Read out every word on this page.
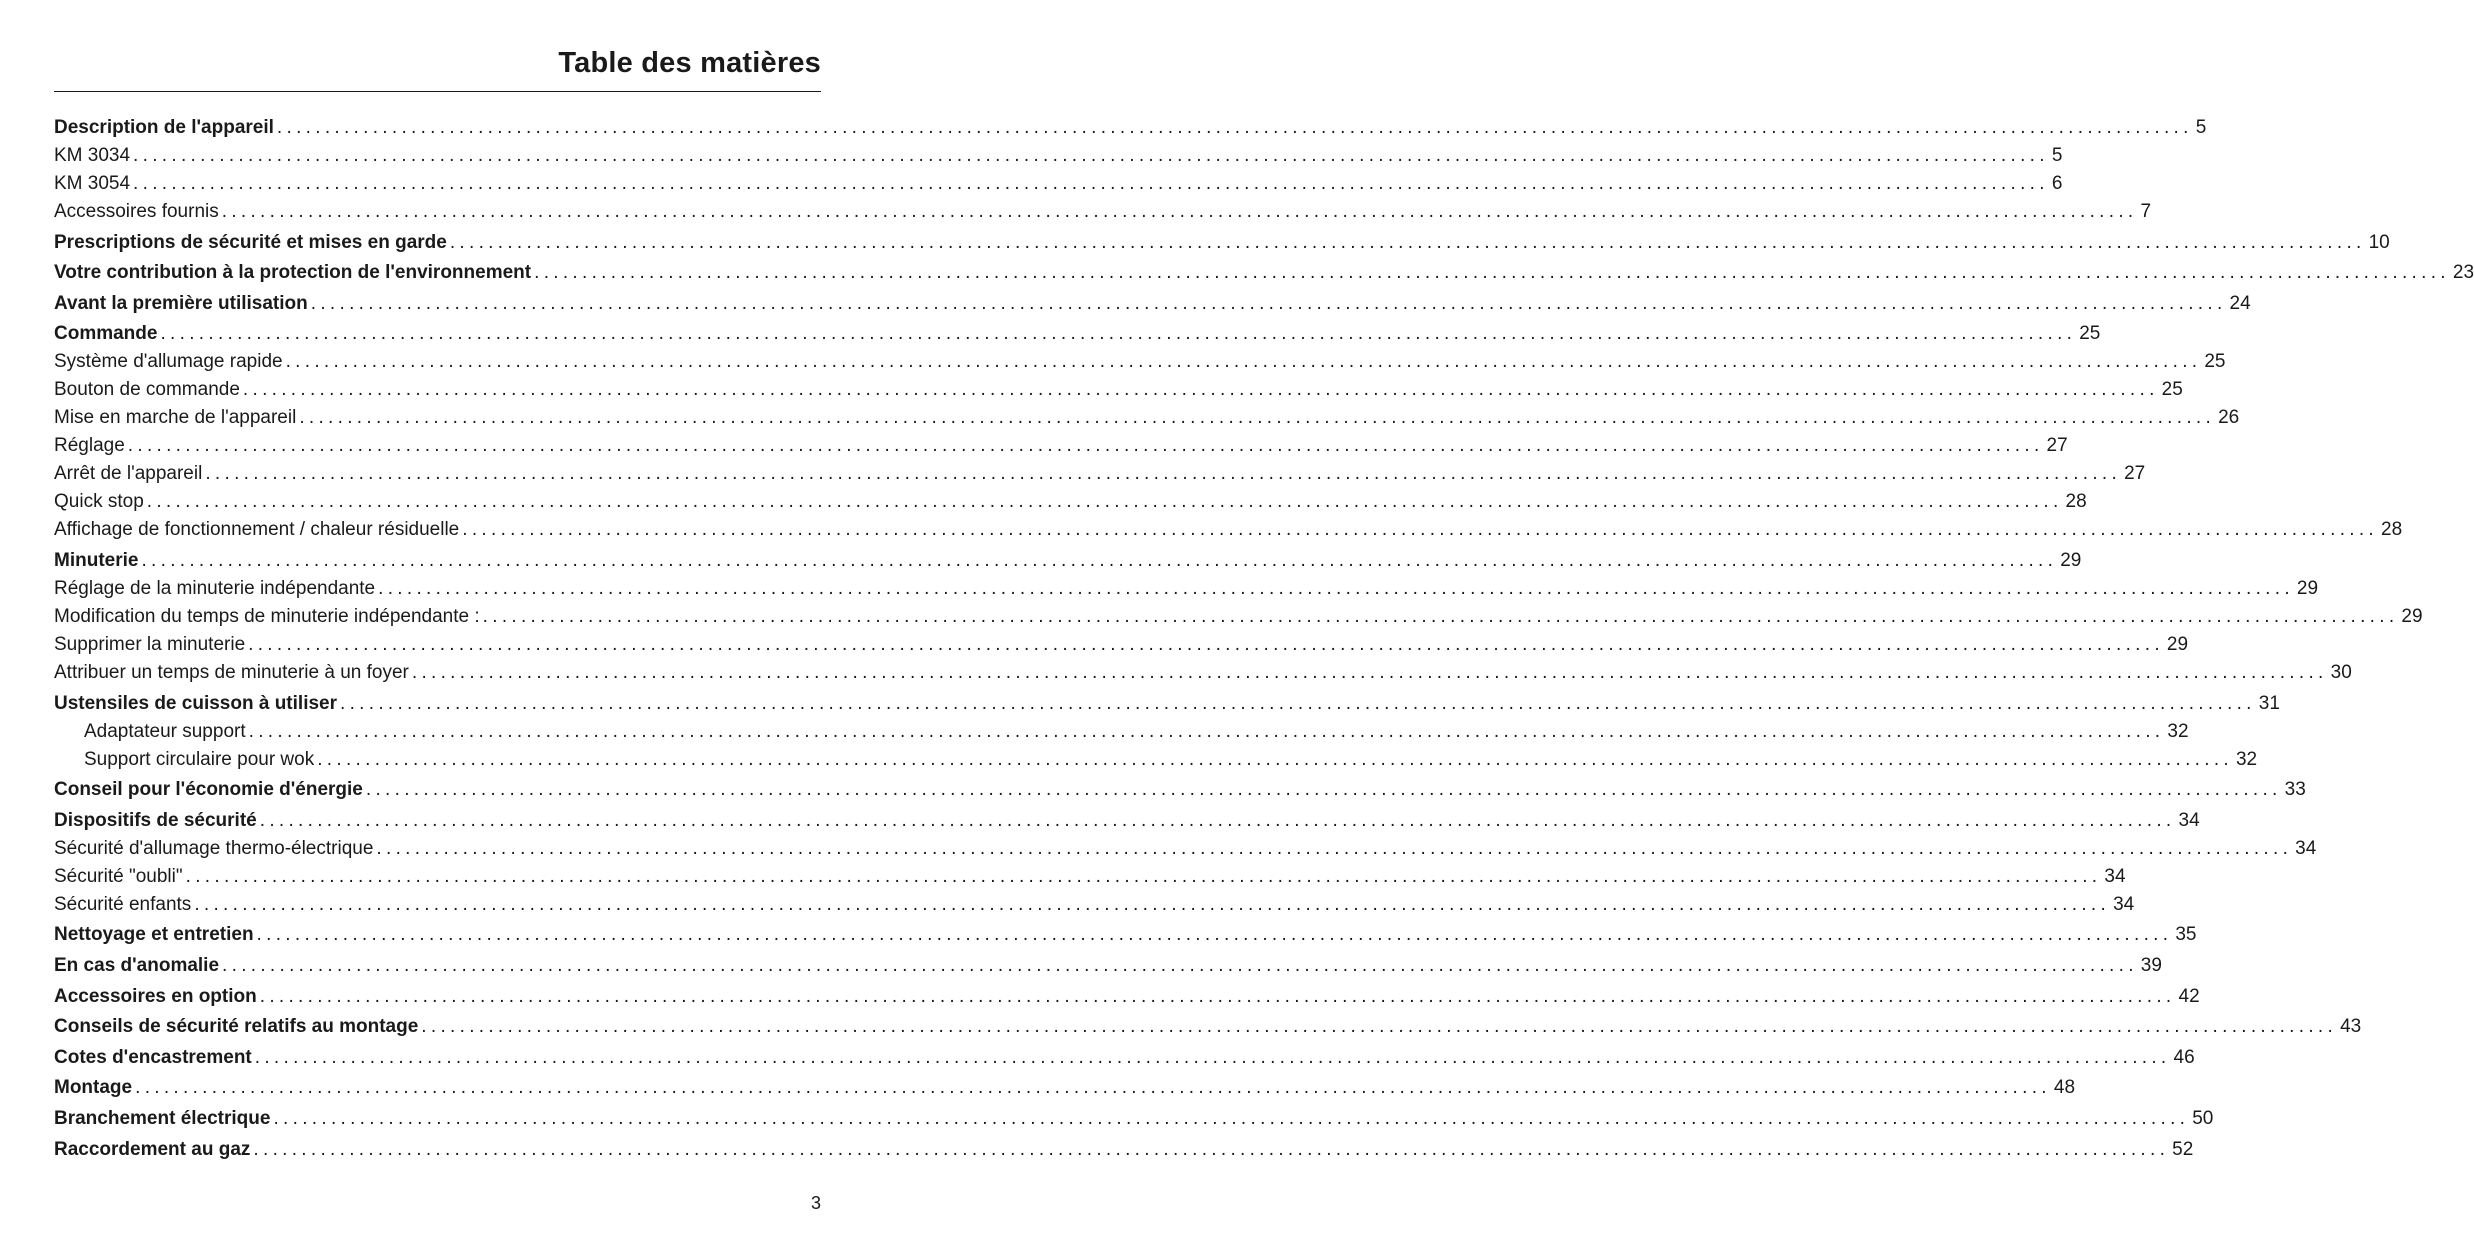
Table des matières
Description de l'appareil ........................................................................................................................................................................................................ 5
KM 3034 ........................................................................................................................................................................................................ 5
KM 3054 ........................................................................................................................................................................................................ 6
Accessoires fournis ........................................................................................................................................................................................................ 7
Prescriptions de sécurité et mises en garde ........................................................................................................................................................................................................ 10
Votre contribution à la protection de l'environnement ........................................................................................................................................................................................................ 23
Avant la première utilisation ........................................................................................................................................................................................................ 24
Commande ........................................................................................................................................................................................................ 25
Système d'allumage rapide ........................................................................................................................................................................................................ 25
Bouton de commande ........................................................................................................................................................................................................ 25
Mise en marche de l'appareil ........................................................................................................................................................................................................ 26
Réglage ........................................................................................................................................................................................................ 27
Arrêt de l'appareil ........................................................................................................................................................................................................ 27
Quick stop ........................................................................................................................................................................................................ 28
Affichage de fonctionnement / chaleur résiduelle ........................................................................................................................................................................................................ 28
Minuterie ........................................................................................................................................................................................................ 29
Réglage de la minuterie indépendante ........................................................................................................................................................................................................ 29
Modification du temps de minuterie indépendante : ........................................................................................................................................................................................................ 29
Supprimer la minuterie ........................................................................................................................................................................................................ 29
Attribuer un temps de minuterie à un foyer ........................................................................................................................................................................................................ 30
Ustensiles de cuisson à utiliser ........................................................................................................................................................................................................ 31
Adaptateur support ........................................................................................................................................................................................................ 32
Support circulaire pour wok ........................................................................................................................................................................................................ 32
Conseil pour l'économie d'énergie ........................................................................................................................................................................................................ 33
Dispositifs de sécurité ........................................................................................................................................................................................................ 34
Sécurité d'allumage thermo-électrique ........................................................................................................................................................................................................ 34
Sécurité "oubli" ........................................................................................................................................................................................................ 34
Sécurité enfants ........................................................................................................................................................................................................ 34
Nettoyage et entretien ........................................................................................................................................................................................................ 35
En cas d'anomalie ........................................................................................................................................................................................................ 39
Accessoires en option ........................................................................................................................................................................................................ 42
Conseils de sécurité relatifs au montage ........................................................................................................................................................................................................ 43
Cotes d'encastrement ........................................................................................................................................................................................................ 46
Montage ........................................................................................................................................................................................................ 48
Branchement électrique ........................................................................................................................................................................................................ 50
Raccordement au gaz ........................................................................................................................................................................................................ 52
3
